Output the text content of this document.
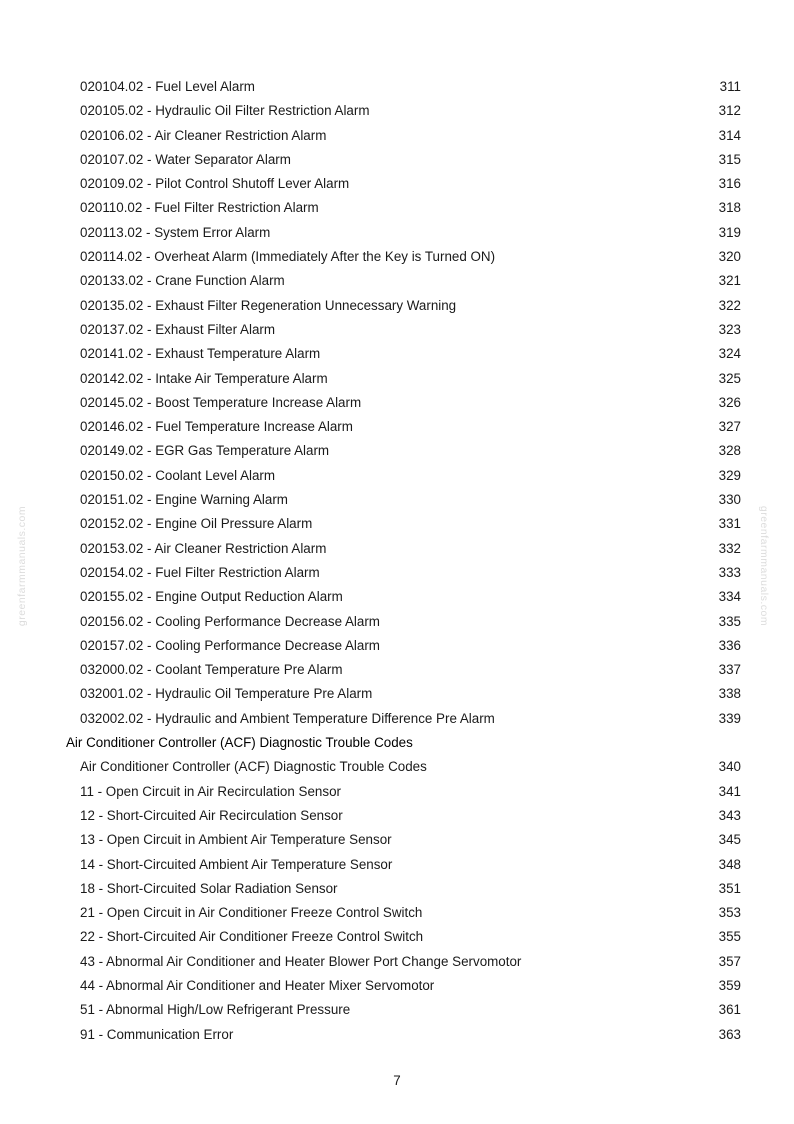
020104.02 - Fuel Level Alarm	311
020105.02 - Hydraulic Oil Filter Restriction Alarm	312
020106.02 - Air Cleaner Restriction Alarm	314
020107.02 - Water Separator Alarm	315
020109.02 - Pilot Control Shutoff Lever Alarm	316
020110.02 - Fuel Filter Restriction Alarm	318
020113.02 - System Error Alarm	319
020114.02 - Overheat Alarm (Immediately After the Key is Turned ON)	320
020133.02 - Crane Function Alarm	321
020135.02 - Exhaust Filter Regeneration Unnecessary Warning	322
020137.02 - Exhaust Filter Alarm	323
020141.02 - Exhaust Temperature Alarm	324
020142.02 - Intake Air Temperature Alarm	325
020145.02 - Boost Temperature Increase Alarm	326
020146.02 - Fuel Temperature Increase Alarm	327
020149.02 - EGR Gas Temperature Alarm	328
020150.02 - Coolant Level Alarm	329
020151.02 - Engine Warning Alarm	330
020152.02 - Engine Oil Pressure Alarm	331
020153.02 - Air Cleaner Restriction Alarm	332
020154.02 - Fuel Filter Restriction Alarm	333
020155.02 - Engine Output Reduction Alarm	334
020156.02 - Cooling Performance Decrease Alarm	335
020157.02 - Cooling Performance Decrease Alarm	336
032000.02 - Coolant Temperature Pre Alarm	337
032001.02 - Hydraulic Oil Temperature Pre Alarm	338
032002.02 - Hydraulic and Ambient Temperature Difference Pre Alarm	339
Air Conditioner Controller (ACF) Diagnostic Trouble Codes
Air Conditioner Controller (ACF) Diagnostic Trouble Codes	340
11 - Open Circuit in Air Recirculation Sensor	341
12 - Short-Circuited Air Recirculation Sensor	343
13 - Open Circuit in Ambient Air Temperature Sensor	345
14 - Short-Circuited Ambient Air Temperature Sensor	348
18 - Short-Circuited Solar Radiation Sensor	351
21 - Open Circuit in Air Conditioner Freeze Control Switch	353
22 - Short-Circuited Air Conditioner Freeze Control Switch	355
43 - Abnormal Air Conditioner and Heater Blower Port Change Servomotor	357
44 - Abnormal Air Conditioner and Heater Mixer Servomotor	359
51 - Abnormal High/Low Refrigerant Pressure	361
91 - Communication Error	363
greenfarmmanuals.com	greenfarmmanuals.com
7
